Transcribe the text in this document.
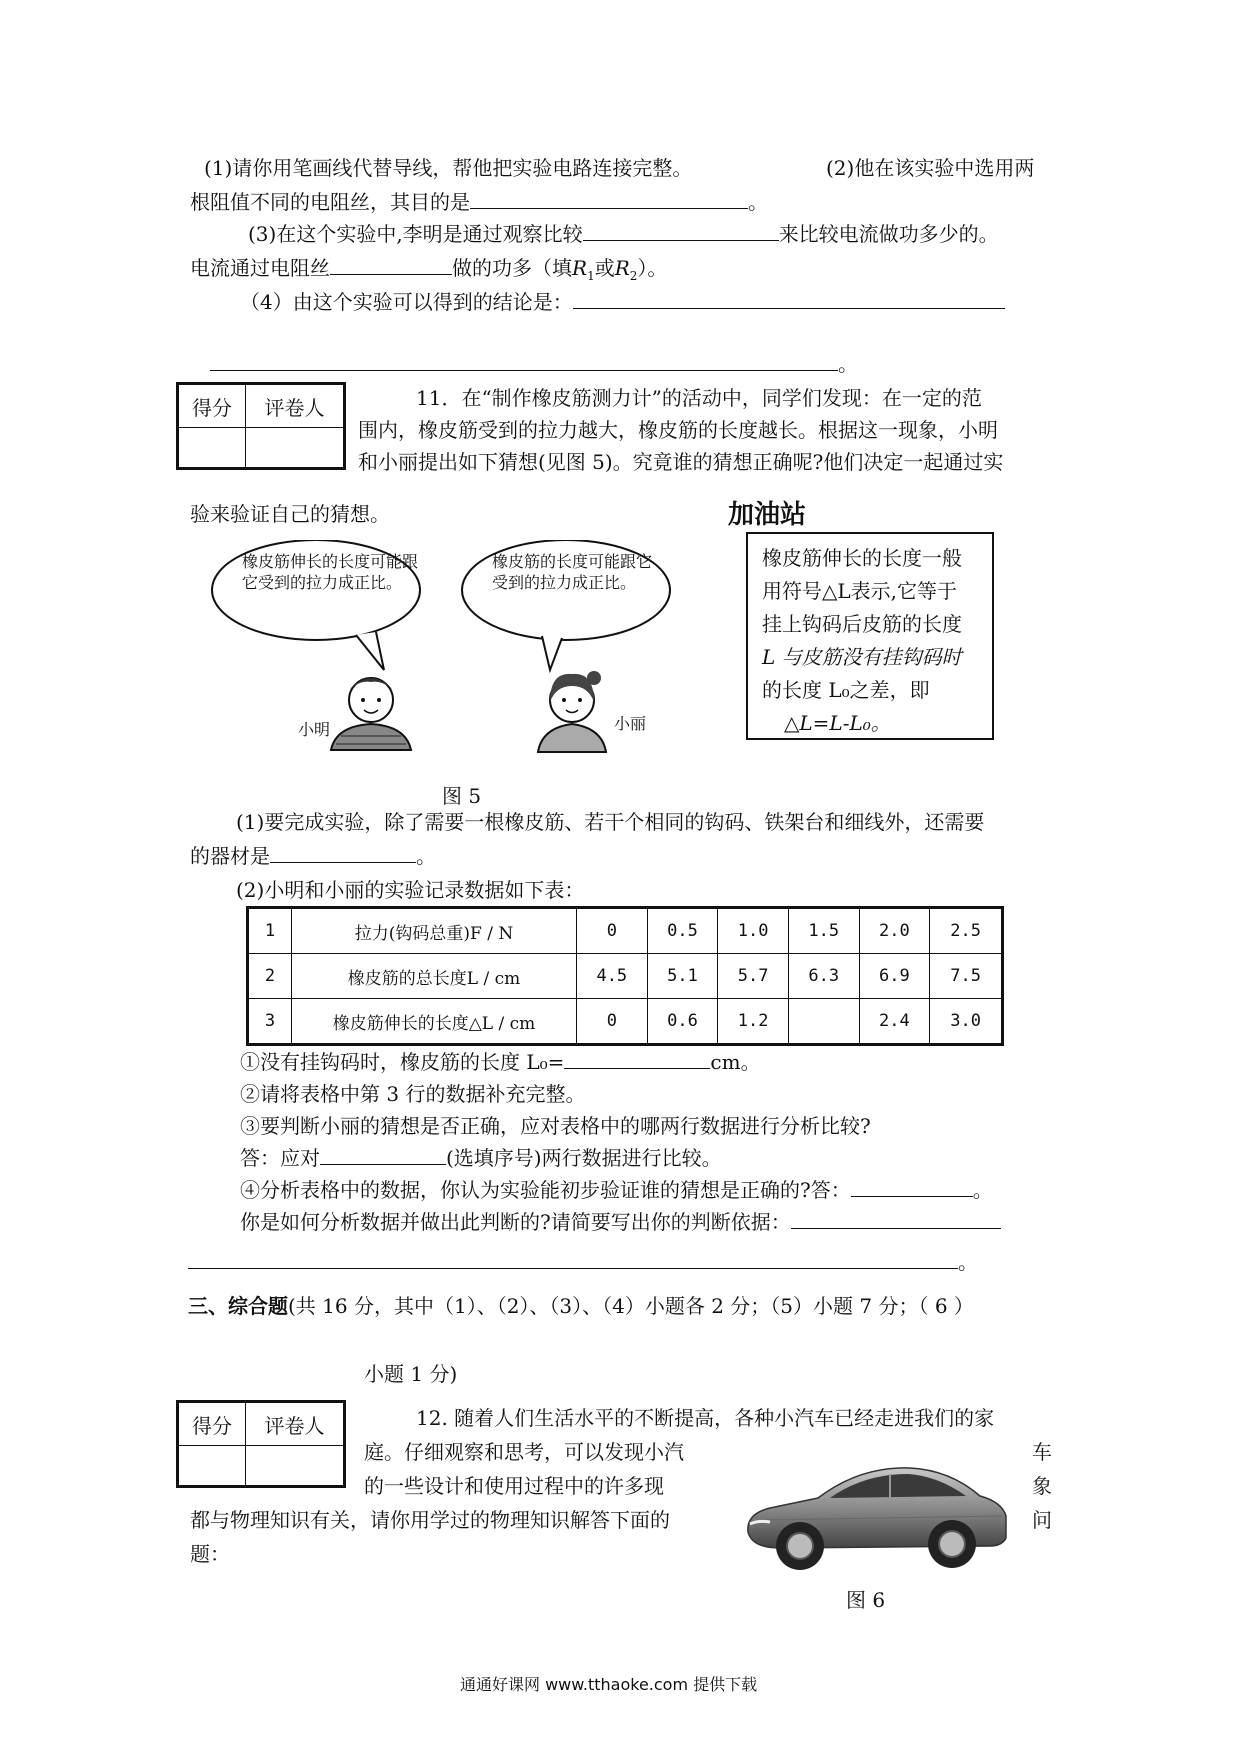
(1)请你用笔画线代替导线，帮他把实验电路连接完整。	(2)他在该实验中选用两
根阻值不同的电阻丝，其目的是	。
(3)在这个实验中,李明是通过观察比较	来比较电流做功多少的。
电流通过电阻丝	做的功多（填$R_1$或$R_2$）。
（4）由这个实验可以得到的结论是：
。
得分	评卷人
		11．在“制作橡皮筋测力计”的活动中，同学们发现：在一定的范
围内，橡皮筋受到的拉力越大，橡皮筋的长度越长。根据这一现象，小明
和小丽提出如下猜想(见图 5)。究竟谁的猜想正确呢?他们决定一起通过实
验来验证自己的猜想。
橡皮筋伸长的长度可能跟它受到的拉力成正比。
橡皮筋的长度可能跟它受到的拉力成正比。
小明	小丽
图 5
加油站
橡皮筋伸长的长度一般
用符号△L表示,它等于
挂上钩码后皮筋的长度
L 与皮筋没有挂钩码时
的长度 L₀之差，即
△L=L-L₀。
(1)要完成实验，除了需要一根橡皮筋、若干个相同的钩码、铁架台和细线外，还需要
的器材是	。
(2)小明和小丽的实验记录数据如下表：
1	拉力(钩码总重)F / N	0	0.5	1.0	1.5	2.0	2.5
2	橡皮筋的总长度L / cm	4.5	5.1	5.7	6.3	6.9	7.5
3	橡皮筋伸长的长度△L / cm	0	0.6	1.2		2.4	3.0
①没有挂钩码时，橡皮筋的长度 L₀=	cm。
②请将表格中第 3 行的数据补充完整。
③要判断小丽的猜想是否正确，应对表格中的哪两行数据进行分析比较?
答：应对	(选填序号)两行数据进行比较。
④分析表格中的数据，你认为实验能初步验证谁的猜想是正确的?答：	。
你是如何分析数据并做出此判断的?请简要写出你的判断依据：
。
三、综合题(共 16 分，其中（1）、（2）、（3）、（4）小题各 2 分；（5）小题 7 分；（ 6 ）
小题 1 分)
得分	评卷人
		12. 随着人们生活水平的不断提高，各种小汽车已经走进我们的家
庭。仔细观察和思考，可以发现小汽	车
的一些设计和使用过程中的许多现	象
都与物理知识有关，请你用学过的物理知识解答下面的	问
题：
图 6
通通好课网 www.tthaoke.com 提供下载
